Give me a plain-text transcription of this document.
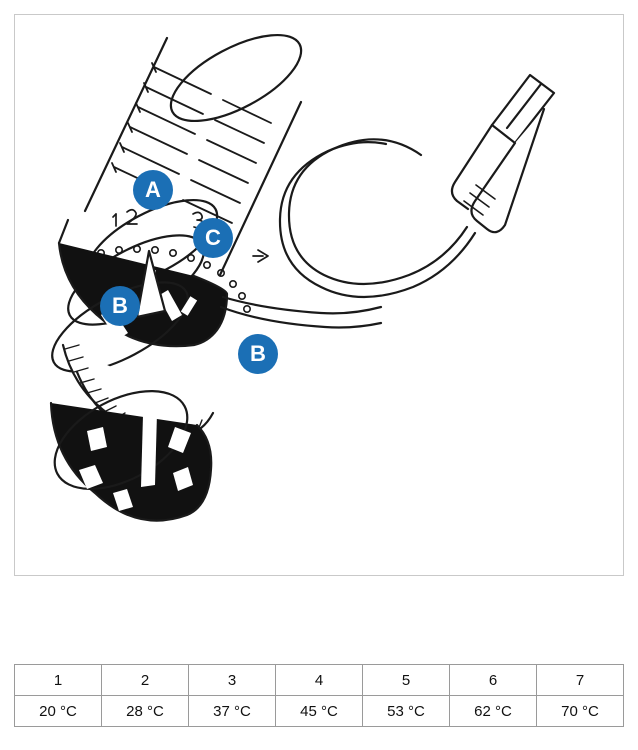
A
C
B
B
1	2	3	4	5	6	7
20 °C	28 °C	37 °C	45 °C	53 °C	62 °C	70 °C
